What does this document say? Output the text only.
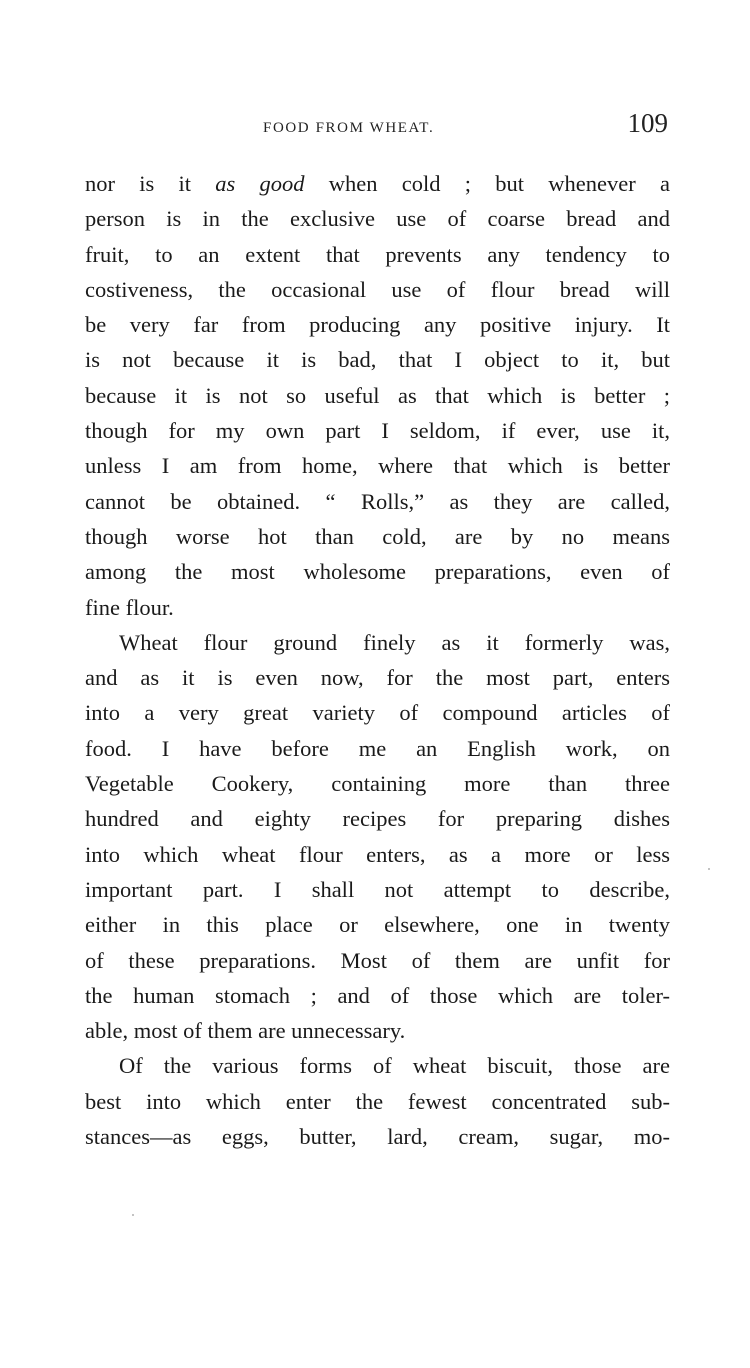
FOOD FROM WHEAT.	109
nor is it as good when cold ; but whenever a
person is in the exclusive use of coarse bread and
fruit, to an extent that prevents any tendency to
costiveness, the occasional use of flour bread will
be very far from producing any positive injury. It
is not because it is bad, that I object to it, but
because it is not so useful as that which is better ;
though for my own part I seldom, if ever, use it,
unless I am from home, where that which is better
cannot be obtained. “ Rolls,” as they are called,
though worse hot than cold, are by no means
among the most wholesome preparations, even of
fine flour.
Wheat flour ground finely as it formerly was,
and as it is even now, for the most part, enters
into a very great variety of compound articles of
food. I have before me an English work, on
Vegetable Cookery, containing more than three
hundred and eighty recipes for preparing dishes
into which wheat flour enters, as a more or less
important part. I shall not attempt to describe,
either in this place or elsewhere, one in twenty
of these preparations. Most of them are unfit for
the human stomach ; and of those which are toler-
able, most of them are unnecessary.
Of the various forms of wheat biscuit, those are
best into which enter the fewest concentrated sub-
stances—as eggs, butter, lard, cream, sugar, mo-
